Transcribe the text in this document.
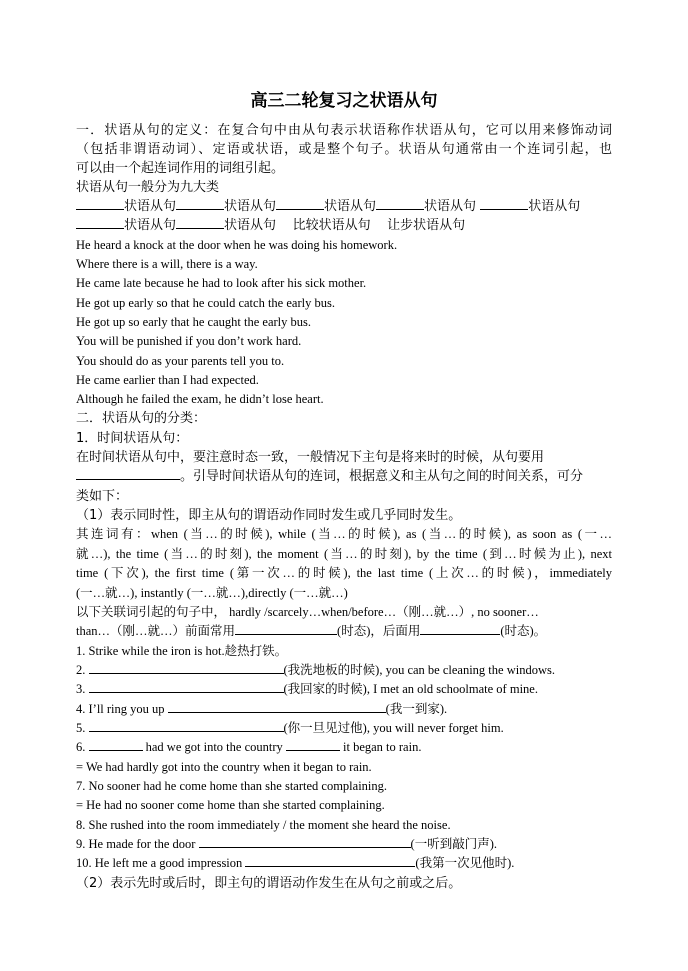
高三二轮复习之状语从句
一．状语从句的定义：在复合句中由从句表示状语称作状语从句，它可以用来修饰动词
（包括非谓语动词）、定语或状语，或是整个句子。状语从句通常由一个连词引起，也
可以由一个起连词作用的词组引起。
状语从句一般分为九大类
状语从句	状语从句	状语从句	状语从句	状语从句
状语从句	状语从句 比较状语从句 让步状语从句
He heard a knock at the door when he was doing his homework.
Where there is a will, there is a way.
He came late because he had to look after his sick mother.
He got up early so that he could catch the early bus.
He got up so early that he caught the early bus.
You will be punished if you don’t work hard.
You should do as your parents tell you to.
He came earlier than I had expected.
Although he failed the exam, he didn’t lose heart.
二．状语从句的分类：
1．时间状语从句：
在时间状语从句中，要注意时态一致，一般情况下主句是将来时的时候，从句要用
。引导时间状语从句的连词，根据意义和主从句之间的时间关系，可分
类如下：
（1）表示同时性，即主从句的谓语动作同时发生或几乎同时发生。
其连词有：when (当…的时候), while (当…的时候), as (当…的时候), as soon as (一…
就…), the time (当…的时刻), the moment (当…的时刻), by the time (到…时候为止), next
time (下次), the first time (第一次…的时候), the last time (上次…的时候)，immediately
(一…就…), instantly (一…就…),directly (一…就…)
以下关联词引起的句子中， hardly /scarcely…when/before…（刚…就…）, no sooner…
than…（刚…就…）前面常用	(时态)，后面用	(时态)。
1. Strike while the iron is hot.趁热打铁。
2.	(我洗地板的时候), you can be cleaning the windows.
3.	(我回家的时候), I met an old schoolmate of mine.
4. I’ll ring you up	(我一到家).
5.	(你一旦见过他), you will never forget him.
6.	had we got into the country	it began to rain.
= We had hardly got into the country when it began to rain.
7. No sooner had he come home than she started complaining.
= He had no sooner come home than she started complaining.
8. She rushed into the room immediately / the moment she heard the noise.
9. He made for the door	(一听到敲门声).
10. He left me a good impression	(我第一次见他时).
（2）表示先时或后时，即主句的谓语动作发生在从句之前或之后。
